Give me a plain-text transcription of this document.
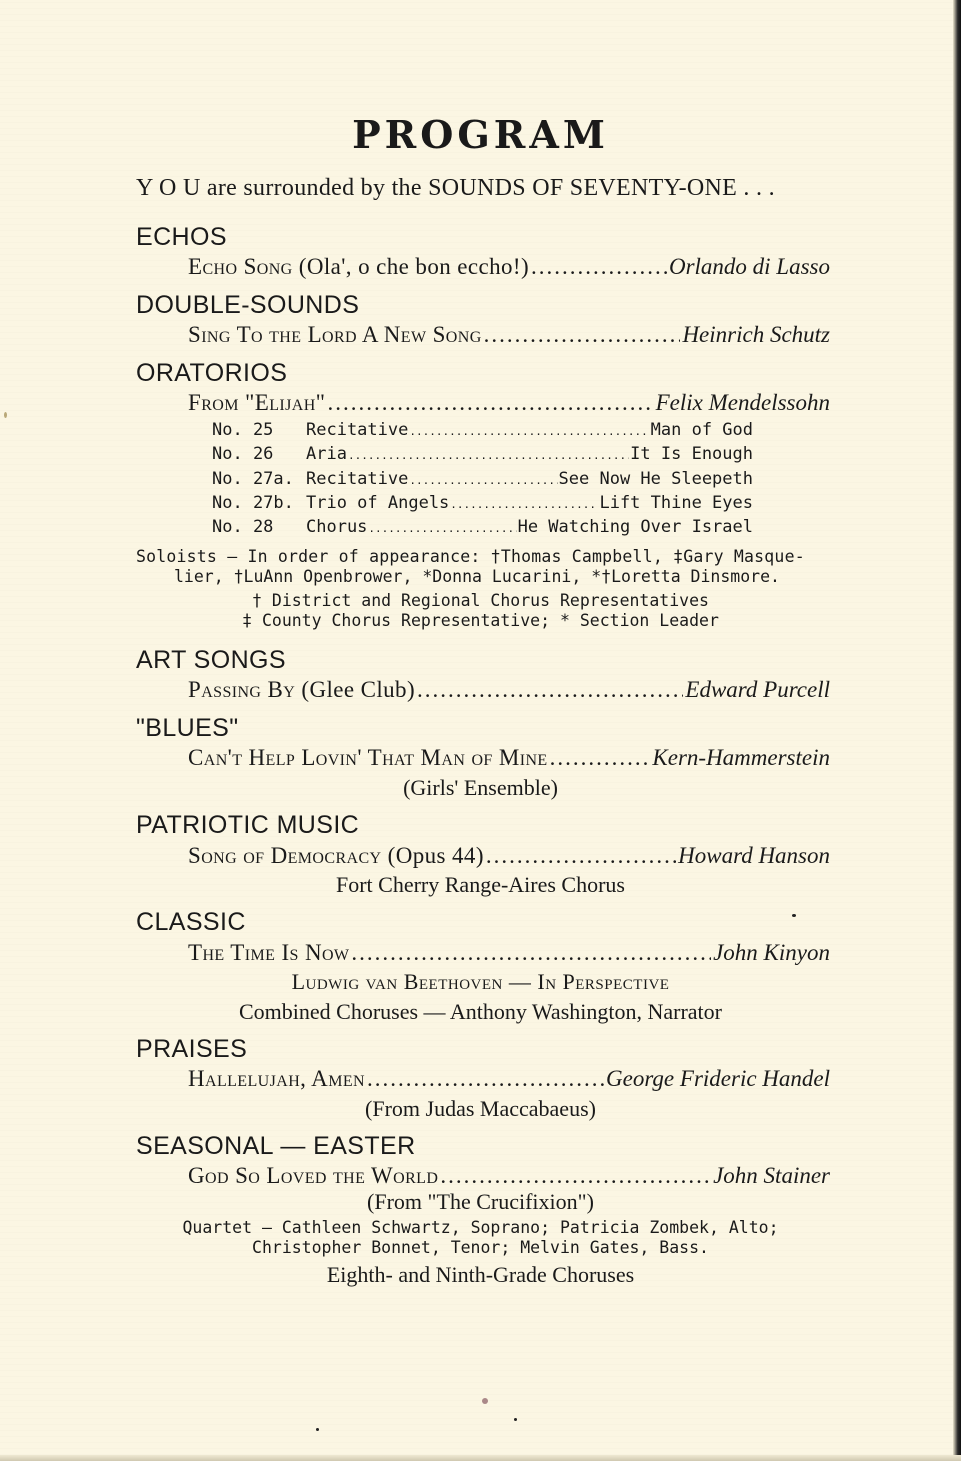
PROGRAM
Y O U are surrounded by the SOUNDS OF SEVENTY-ONE . . .
ECHOS
Echo Song (Ola', o che bon eccho!) .....	Orlando di Lasso
DOUBLE-SOUNDS
Sing To the Lord A New Song .....	Heinrich Schutz
ORATORIOS
From "Elijah" .....	Felix Mendelssohn
No. 25	Recitative .....	Man of God
No. 26	Aria .....	It Is Enough
No. 27a. Recitative .....	See Now He Sleepeth
No. 27b. Trio of Angels .....	Lift Thine Eyes
No. 28	Chorus .....	He Watching Over Israel
Soloists — In order of appearance: †Thomas Campbell, ‡Gary Masque-
lier, †LuAnn Openbrower, *Donna Lucarini, *†Loretta Dinsmore.
† District and Regional Chorus Representatives
‡ County Chorus Representative; * Section Leader
ART SONGS
Passing By (Glee Club) .....	Edward Purcell
"BLUES"
Can't Help Lovin' That Man of Mine .....	Kern-Hammerstein
(Girls' Ensemble)
PATRIOTIC MUSIC
Song of Democracy (Opus 44) .....	Howard Hanson
Fort Cherry Range-Aires Chorus
CLASSIC
The Time Is Now .....	John Kinyon
Ludwig van Beethoven — In Perspective
Combined Choruses — Anthony Washington, Narrator
PRAISES
Hallelujah, Amen .....	George Frideric Handel
(From Judas Maccabaeus)
SEASONAL — EASTER
God So Loved the World .....	John Stainer
(From "The Crucifixion")
Quartet — Cathleen Schwartz, Soprano; Patricia Zombek, Alto;
Christopher Bonnet, Tenor; Melvin Gates, Bass.
Eighth- and Ninth-Grade Choruses
